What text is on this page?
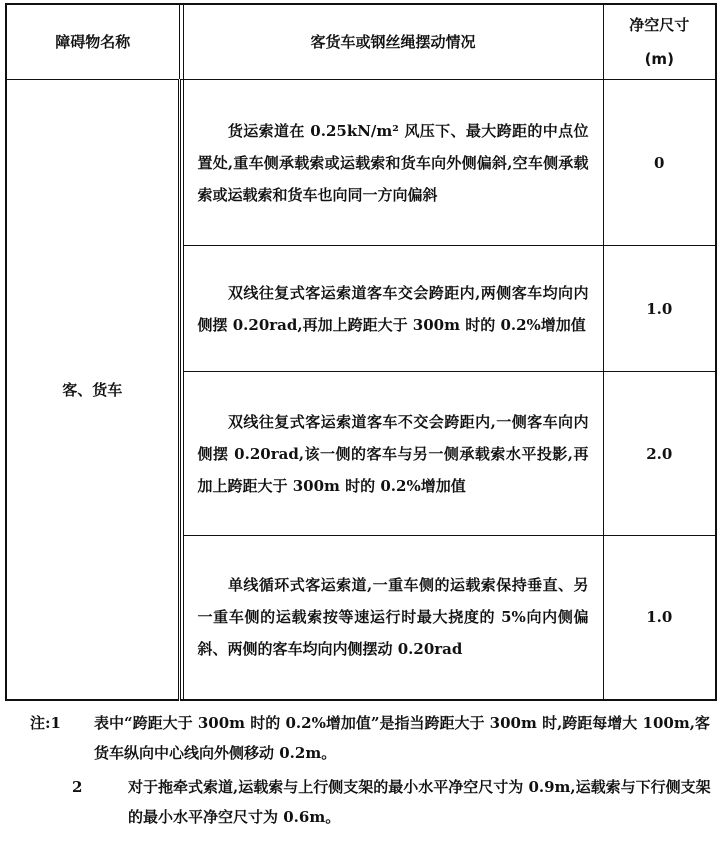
障碍物名称		客货车或钢丝绳摆动情况	净空尺寸
(m)

客、货车		货运索道在 0.25kN/m² 风压下、最大跨距的中点位置处,重车侧承载索或运载索和货车向外侧偏斜,空车侧承载索或运载索和货车也向同一方向偏斜	0
		双线往复式客运索道客车交会跨距内,两侧客车均向内侧摆 0.20rad,再加上跨距大于 300m 时的 0.2%增加值	1.0
		双线往复式客运索道客车不交会跨距内,一侧客车向内侧摆 0.20rad,该一侧的客车与另一侧承载索水平投影,再加上跨距大于 300m 时的 0.2%增加值	2.0
		单线循环式客运索道,一重车侧的运载索保持垂直、另一重车侧的运载索按等速运行时最大挠度的 5%向内侧偏斜、两侧的客车均向内侧摆动 0.20rad	1.0
注:1	表中“跨距大于 300m 时的 0.2%增加值”是指当跨距大于 300m 时,跨距每增大 100m,客货车纵向中心线向外侧移动 0.2m。
2	对于拖牵式索道,运载索与上行侧支架的最小水平净空尺寸为 0.9m,运载索与下行侧支架的最小水平净空尺寸为 0.6m。
